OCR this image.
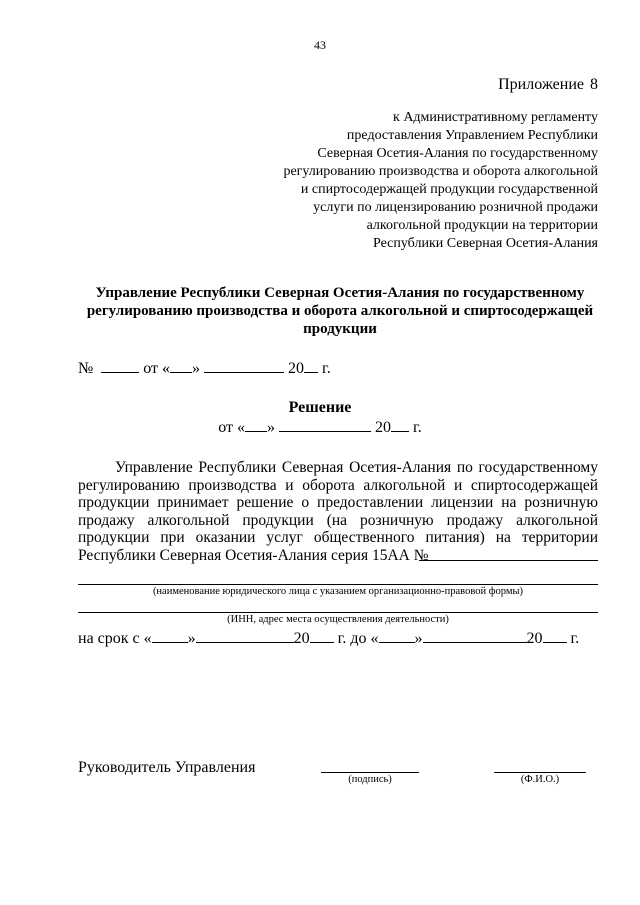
43
Приложение 8
к Административному регламенту
предоставления Управлением Республики
Северная Осетия-Алания по государственному
регулированию производства и оборота алкогольной
и спиртосодержащей продукции государственной
услуги по лицензированию розничной продажи
алкогольной продукции на территории
Республики Северная Осетия-Алания
Управление Республики Северная Осетия-Алания по государственному
регулированию производства и оборота алкогольной и спиртосодержащей
продукции
№	от « »	20 г.
Решение
от « »	20 г.
Управление Республики Северная Осетия-Алания по государственному
регулированию производства и оборота алкогольной и спиртосодержащей
продукции принимает решение о предоставлении лицензии на розничную
продажу алкогольной продукции (на розничную продажу алкогольной
продукции при оказании услуг общественного питания) на территории
Республики Северная Осетия-Алания серия 15АА №
(наименование юридического лица с указанием организационно-правовой формы)
(ИНН, адрес места осуществления деятельности)
на срок с « »	20 г. до « »	20 г.
Руководитель Управления
(подпись)	(Ф.И.О.)
